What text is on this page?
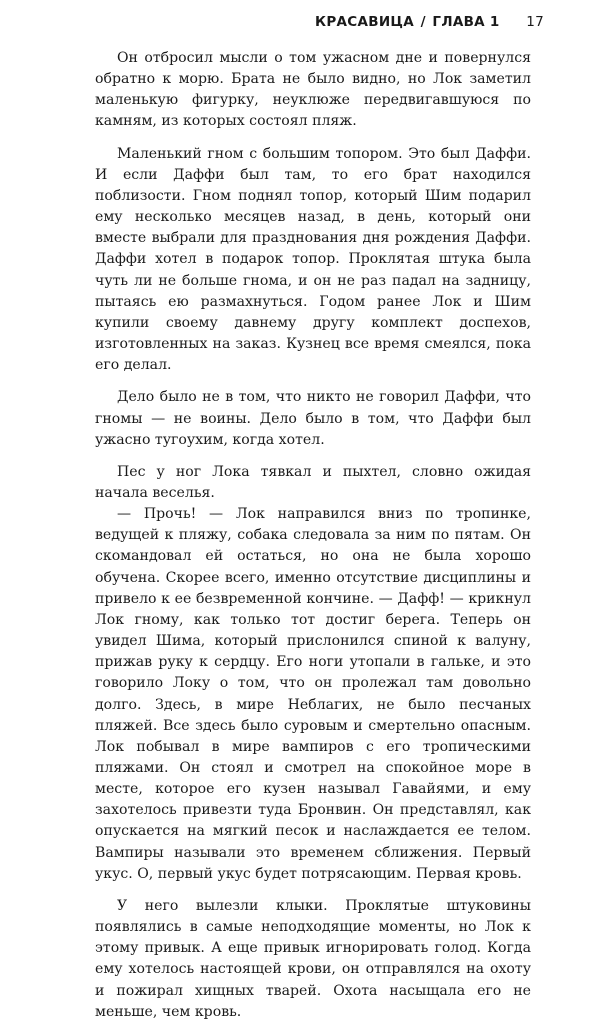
КРАСАВИЦА / ГЛАВА 1 17

Он отбросил мысли о том ужасном дне и повернулся обратно к морю. Брата не было видно, но Лок заметил маленькую фигурку, неуклюже передвигавшуюся по камням, из которых состоял пляж.

Маленький гном с большим топором. Это был Даффи. И если Даффи был там, то его брат находился поблизости. Гном поднял топор, который Шим подарил ему несколько месяцев назад, в день, который они вместе выбрали для празднования дня рождения Даффи. Даффи хотел в подарок топор. Проклятая штука была чуть ли не больше гнома, и он не раз падал на задницу, пытаясь ею размахнуться. Годом ранее Лок и Шим купили своему давнему другу комплект доспехов, изготовленных на заказ. Кузнец все время смеялся, пока его делал.

Дело было не в том, что никто не говорил Даффи, что гномы — не воины. Дело было в том, что Даффи был ужасно тугоухим, когда хотел.

Пес у ног Лока тявкал и пыхтел, словно ожидая начала веселья.

— Прочь! — Лок направился вниз по тропинке, ведущей к пляжу, собака следовала за ним по пятам. Он скомандовал ей остаться, но она не была хорошо обучена. Скорее всего, именно отсутствие дисциплины и привело к ее безвременной кончине. — Дафф! — крикнул Лок гному, как только тот достиг берега. Теперь он увидел Шима, который прислонился спиной к валуну, прижав руку к сердцу. Его ноги утопали в гальке, и это говорило Локу о том, что он пролежал там довольно долго. Здесь, в мире Неблагих, не было песчаных пляжей. Все здесь было суровым и смертельно опасным. Лок побывал в мире вампиров с его тропическими пляжами. Он стоял и смотрел на спокойное море в месте, которое его кузен называл Гавайями, и ему захотелось привезти туда Бронвин. Он представлял, как опускается на мягкий песок и наслаждается ее телом. Вампиры называли это временем сближения. Первый укус. О, первый укус будет потрясающим. Первая кровь.

У него вылезли клыки. Проклятые штуковины появлялись в самые неподходящие моменты, но Лок к этому привык. А еще привык игнорировать голод. Когда ему хотелось настоящей крови, он отправлялся на охоту и пожирал хищных тварей. Охота насыщала его не меньше, чем кровь.
